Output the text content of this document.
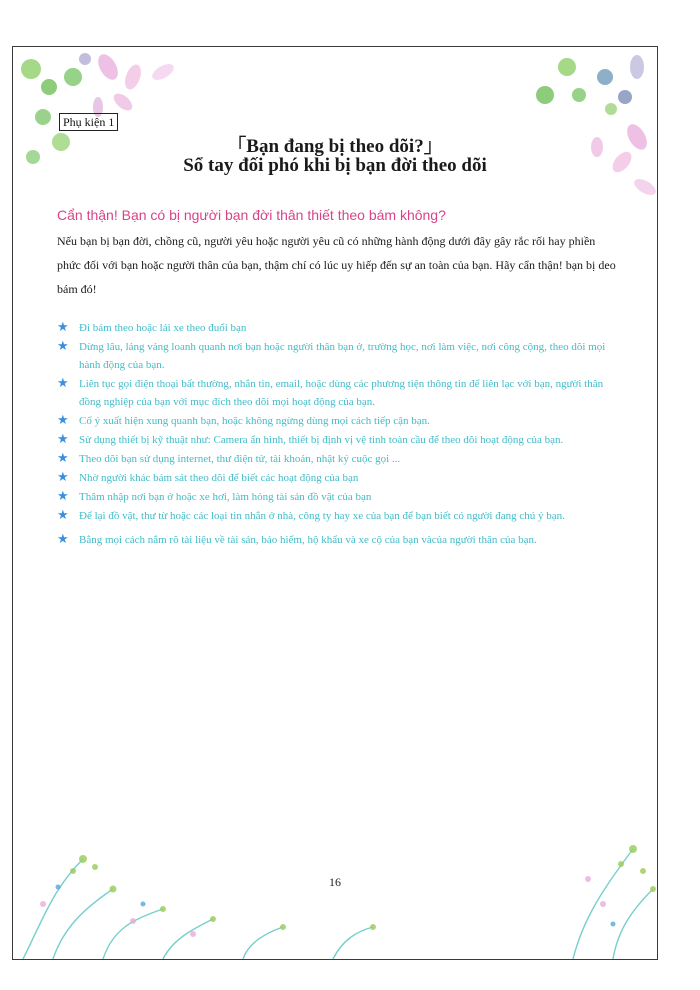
Phụ kiện 1
「Bạn đang bị theo dõi?」
Sổ tay đối phó khi bị bạn đời theo dõi
Cẩn thận! Bạn có bị người bạn đời thân thiết theo bám không?
Nếu bạn bị bạn đời, chồng cũ, người yêu hoặc người yêu cũ có những hành động dưới đây gây rắc rối hay phiền phức đối với bạn hoặc người thân của bạn, thậm chí có lúc uy hiếp đến sự an toàn của bạn. Hãy cẩn thận! bạn bị deo bám đó!
★ Đi bám theo hoặc lái xe theo đuổi bạn
★ Dừng lâu, lảng vảng loanh quanh nơi bạn hoặc người thân bạn ở, trường học, nơi làm việc, nơi công cộng, theo dõi mọi hành động của bạn.
★ Liên tục gọi điện thoại bất thường, nhắn tin, email, hoặc dùng các phương tiện thông tin để liên lạc với bạn, người thân đồng nghiệp của bạn với mục đích theo dõi mọi hoạt động của bạn.
★ Cố ý xuất hiện xung quanh bạn, hoặc không ngừng dùng mọi cách tiếp cận bạn.
★ Sử dụng thiết bị kỹ thuật như: Camera ẩn hình, thiết bị định vị vệ tinh toàn cầu để theo dõi hoạt động của bạn.
★ Theo dõi bạn sử dụng internet, thư điện tử, tài khoản, nhật ký cuộc gọi ...
★ Nhờ người khác bám sát theo dõi để biết các hoạt động của bạn
★ Thâm nhập nơi bạn ở hoặc xe hơi, làm hỏng tài sản đồ vật của bạn
★ Để lại đồ vật, thư từ hoặc các loại tin nhắn ở nhà, công ty hay xe của bạn để bạn biết có người đang chú ý bạn.
★ Bằng mọi cách nắm rõ tài liệu về tài sản, bảo hiểm, hộ khẩu và xe cộ của bạn vàcủa người thân của bạn.
16
